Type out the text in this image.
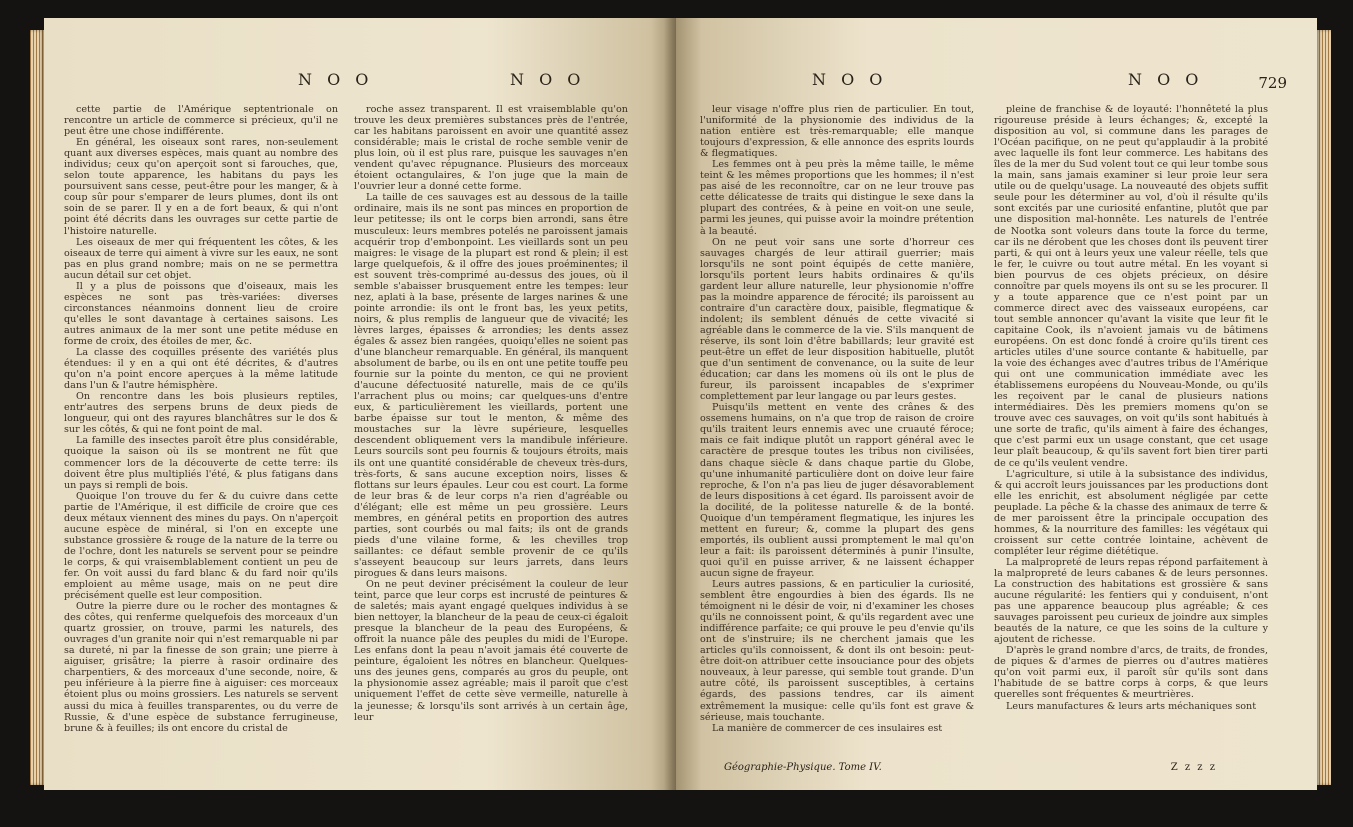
N O O	N O O

cette partie de l'Amérique septentrionale on rencontre un article de commerce si précieux, qu'il ne peut être une chose indifférente.

En général, les oiseaux sont rares, non-seulement quant aux diverses espèces, mais quant au nombre des individus; ceux qu'on aperçoit sont si farouches, que, selon toute apparence, les habitans du pays les poursuivent sans cesse, peut-être pour les manger, & à coup sûr pour s'emparer de leurs plumes, dont ils ont soin de se parer. Il y en a de fort beaux, & qui n'ont point été décrits dans les ouvrages sur cette partie de l'histoire naturelle.

Les oiseaux de mer qui fréquentent les côtes, & les oiseaux de terre qui aiment à vivre sur les eaux, ne sont pas en plus grand nombre; mais on ne se permettra aucun détail sur cet objet.

Il y a plus de poissons que d'oiseaux, mais les espèces ne sont pas très-variées: diverses circonstances néanmoins donnent lieu de croire qu'elles le sont davantage à certaines saisons. Les autres animaux de la mer sont une petite méduse en forme de croix, des étoiles de mer, &c.

La classe des coquilles présente des variétés plus étendues: il y en a qui ont été décrites, & d'autres qu'on n'a point encore aperçues à la même latitude dans l'un & l'autre hémisphère.

On rencontre dans les bois plusieurs reptiles, entr'autres des serpens bruns de deux pieds de longueur, qui ont des rayures blanchâtres sur le dos & sur les côtés, & qui ne font point de mal.

La famille des insectes paroît être plus considérable, quoique la saison où ils se montrent ne fût que commencer lors de la découverte de cette terre: ils doivent être plus multipliés l'été, & plus fatigans dans un pays si rempli de bois.

Quoique l'on trouve du fer & du cuivre dans cette partie de l'Amérique, il est difficile de croire que ces deux métaux viennent des mines du pays. On n'aperçoit aucune espèce de minéral, si l'on en excepte une substance grossière & rouge de la nature de la terre ou de l'ochre, dont les naturels se servent pour se peindre le corps, & qui vraisemblablement contient un peu de fer. On voit aussi du fard blanc & du fard noir qu'ils emploient au même usage, mais on ne peut dire précisément quelle est leur composition.

Outre la pierre dure ou le rocher des montagnes & des côtes, qui renferme quelquefois des morceaux d'un quartz grossier, on trouve, parmi les naturels, des ouvrages d'un granite noir qui n'est remarquable ni par sa dureté, ni par la finesse de son grain; une pierre à aiguiser, grisâtre; la pierre à rasoir ordinaire des charpentiers, & des morceaux d'une seconde, noire, & peu inférieure à la pierre fine à aiguiser: ces morceaux étoient plus ou moins grossiers. Les naturels se servent aussi du mica à feuilles transparentes, ou du verre de Russie, & d'une espèce de substance ferrugineuse, brune & à feuilles; ils ont encore du cristal de

roche assez transparent. Il est vraisemblable qu'on trouve les deux premières substances près de l'entrée, car les habitans paroissent en avoir une quantité assez considérable; mais le cristal de roche semble venir de plus loin, où il est plus rare, puisque les sauvages n'en vendent qu'avec répugnance. Plusieurs des morceaux étoient octangulaires, & l'on juge que la main de l'ouvrier leur a donné cette forme.

La taille de ces sauvages est au dessous de la taille ordinaire, mais ils ne sont pas minces en proportion de leur petitesse; ils ont le corps bien arrondi, sans être musculeux: leurs membres potelés ne paroissent jamais acquérir trop d'embonpoint. Les vieillards sont un peu maigres: le visage de la plupart est rond & plein; il est large quelquefois, & il offre des joues proéminentes; il est souvent très-comprimé au-dessus des joues, où il semble s'abaisser brusquement entre les tempes: leur nez, aplati à la base, présente de larges narines & une pointe arrondie: ils ont le front bas, les yeux petits, noirs, & plus remplis de langueur que de vivacité; les lèvres larges, épaisses & arrondies; les dents assez égales & assez bien rangées, quoiqu'elles ne soient pas d'une blancheur remarquable. En général, ils manquent absolument de barbe, ou ils en ont une petite touffe peu fournie sur la pointe du menton, ce qui ne provient d'aucune défectuosité naturelle, mais de ce qu'ils l'arrachent plus ou moins; car quelques-uns d'entre eux, & particulièrement les vieillards, portent une barbe épaisse sur tout le menton, & même des moustaches sur la lèvre supérieure, lesquelles descendent obliquement vers la mandibule inférieure. Leurs sourcils sont peu fournis & toujours étroits, mais ils ont une quantité considérable de cheveux très-durs, très-forts, & sans aucune exception noirs, lisses & flottans sur leurs épaules. Leur cou est court. La forme de leur bras & de leur corps n'a rien d'agréable ou d'élégant; elle est même un peu grossière. Leurs membres, en général petits en proportion des autres parties, sont courbés ou mal faits; ils ont de grands pieds d'une vilaine forme, & les chevilles trop saillantes: ce défaut semble provenir de ce qu'ils s'asseyent beaucoup sur leurs jarrets, dans leurs pirogues & dans leurs maisons.

On ne peut deviner précisément la couleur de leur teint, parce que leur corps est incrusté de peintures & de saletés; mais ayant engagé quelques individus à se bien nettoyer, la blancheur de la peau de ceux-ci égaloit presque la blancheur de la peau des Européens, & offroit la nuance pâle des peuples du midi de l'Europe. Les enfans dont la peau n'avoit jamais été couverte de peinture, égaloient les nôtres en blancheur. Quelques-uns des jeunes gens, comparés au gros du peuple, ont la physionomie assez agréable; mais il paroît que c'est uniquement l'effet de cette sève vermeille, naturelle à la jeunesse; & lorsqu'ils sont arrivés à un certain âge, leur

N O O	N O O	729

leur visage n'offre plus rien de particulier. En tout, l'uniformité de la physionomie des individus de la nation entière est très-remarquable; elle manque toujours d'expression, & elle annonce des esprits lourds & flegmatiques.

Les femmes ont à peu près la même taille, le même teint & les mêmes proportions que les hommes; il n'est pas aisé de les reconnoître, car on ne leur trouve pas cette délicatesse de traits qui distingue le sexe dans la plupart des contrées, & à peine en voit-on une seule, parmi les jeunes, qui puisse avoir la moindre prétention à la beauté.

On ne peut voir sans une sorte d'horreur ces sauvages chargés de leur attirail guerrier; mais lorsqu'ils ne sont point équipés de cette manière, lorsqu'ils portent leurs habits ordinaires & qu'ils gardent leur allure naturelle, leur physionomie n'offre pas la moindre apparence de férocité; ils paroissent au contraire d'un caractère doux, paisible, flegmatique & indolent; ils semblent dénués de cette vivacité si agréable dans le commerce de la vie. S'ils manquent de réserve, ils sont loin d'être babillards; leur gravité est peut-être un effet de leur disposition habituelle, plutôt que d'un sentiment de convenance, ou la suite de leur éducation; car dans les momens où ils ont le plus de fureur, ils paroissent incapables de s'exprimer complettement par leur langage ou par leurs gestes.

Puisqu'ils mettent en vente des crânes & des ossemens humains, on n'a que trop de raison de croire qu'ils traitent leurs ennemis avec une cruauté féroce; mais ce fait indique plutôt un rapport général avec le caractère de presque toutes les tribus non civilisées, dans chaque siècle & dans chaque partie du Globe, qu'une inhumanité particulière dont on doive leur faire reproche, & l'on n'a pas lieu de juger désavorablement de leurs dispositions à cet égard. Ils paroissent avoir de la docilité, de la politesse naturelle & de la bonté. Quoique d'un tempérament flegmatique, les injures les mettent en fureur; &, comme la plupart des gens emportés, ils oublient aussi promptement le mal qu'on leur a fait: ils paroissent déterminés à punir l'insulte, quoi qu'il en puisse arriver, & ne laissent échapper aucun signe de frayeur.

Leurs autres passions, & en particulier la curiosité, semblent être engourdies à bien des égards. Ils ne témoignent ni le désir de voir, ni d'examiner les choses qu'ils ne connoissent point, & qu'ils regardent avec une indifférence parfaite; ce qui prouve le peu d'envie qu'ils ont de s'instruire; ils ne cherchent jamais que les articles qu'ils connoissent, & dont ils ont besoin: peut-être doit-on attribuer cette insouciance pour des objets nouveaux, à leur paresse, qui semble tout grande. D'un autre côté, ils paroissent susceptibles, à certains égards, des passions tendres, car ils aiment extrêmement la musique: celle qu'ils font est grave & sérieuse, mais touchante.

La manière de commercer de ces insulaires est

pleine de franchise & de loyauté: l'honnêteté la plus rigoureuse préside à leurs échanges; &, excepté la disposition au vol, si commune dans les parages de l'Océan pacifique, on ne peut qu'applaudir à la probité avec laquelle ils font leur commerce. Les habitans des îles de la mer du Sud volent tout ce qui leur tombe sous la main, sans jamais examiner si leur proie leur sera utile ou de quelqu'usage. La nouveauté des objets suffit seule pour les déterminer au vol, d'où il résulte qu'ils sont excités par une curiosité enfantine, plutôt que par une disposition mal-honnête. Les naturels de l'entrée de Nootka sont voleurs dans toute la force du terme, car ils ne dérobent que les choses dont ils peuvent tirer parti, & qui ont à leurs yeux une valeur réelle, tels que le fer, le cuivre ou tout autre métal. En les voyant si bien pourvus de ces objets précieux, on désire connoître par quels moyens ils ont su se les procurer. Il y a toute apparence que ce n'est point par un commerce direct avec des vaisseaux européens, car tout semble annoncer qu'avant la visite que leur fit le capitaine Cook, ils n'avoient jamais vu de bâtimens européens. On est donc fondé à croire qu'ils tirent ces articles utiles d'une source contante & habituelle, par la voie des échanges avec d'autres tribus de l'Amérique qui ont une communication immédiate avec les établissemens européens du Nouveau-Monde, ou qu'ils les reçoivent par le canal de plusieurs nations intermédiaires. Dès les premiers momens qu'on se trouve avec ces sauvages, on voit qu'ils sont habitués à une sorte de trafic, qu'ils aiment à faire des échanges, que c'est parmi eux un usage constant, que cet usage leur plaît beaucoup, & qu'ils savent fort bien tirer parti de ce qu'ils veulent vendre.

L'agriculture, si utile à la subsistance des individus, & qui accroît leurs jouissances par les productions dont elle les enrichit, est absolument négligée par cette peuplade. La pêche & la chasse des animaux de terre & de mer paroissent être la principale occupation des hommes, & la nourriture des familles: les végétaux qui croissent sur cette contrée lointaine, achèvent de compléter leur régime diététique.

La malpropreté de leurs repas répond parfaitement à la malpropreté de leurs cabanes & de leurs personnes. La construction des habitations est grossière & sans aucune régularité: les fentiers qui y conduisent, n'ont pas une apparence beaucoup plus agréable; & ces sauvages paroissent peu curieux de joindre aux simples beautés de la nature, ce que les soins de la culture y ajoutent de richesse.

D'après le grand nombre d'arcs, de traits, de frondes, de piques & d'armes de pierres ou d'autres matières qu'on voit parmi eux, il paroît sûr qu'ils sont dans l'habitude de se battre corps à corps, & que leurs querelles sont fréquentes & meurtrières.

Leurs manufactures & leurs arts méchaniques sont

Géographie-Physique. Tome IV.	Z z z z
